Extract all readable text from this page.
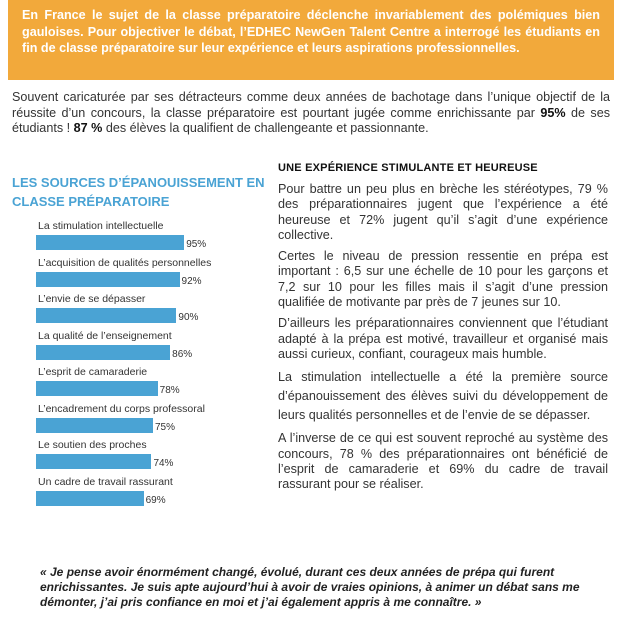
En France le sujet de la classe préparatoire déclenche invariablement des polémiques bien gauloises. Pour objectiver le débat, l’EDHEC NewGen Talent Centre a interrogé les étudiants en fin de classe préparatoire sur leur expérience et leurs aspirations professionnelles.
Souvent caricaturée par ses détracteurs comme deux années de bachotage dans l’unique objectif de la réussite d’un concours, la classe préparatoire est pourtant jugée comme enrichissante par 95% de ses étudiants ! 87 % des élèves la qualifient de challengeante et passionnante.
LES SOURCES D’ÉPANOUISSEMENT EN CLASSE PRÉPARATOIRE
La stimulation intellectuelle
95%
L’acquisition de qualités personnelles
92%
L’envie de se dépasser
90%
La qualité de l’enseignement
86%
L’esprit de camaraderie
78%
L’encadrement du corps professoral
75%
Le soutien des proches
74%
Un cadre de travail rassurant
69%
UNE EXPÉRIENCE STIMULANTE ET HEUREUSE

Pour battre un peu plus en brèche les stéréotypes, 79 % des préparationnaires jugent que l’expérience a été heureuse et 72% jugent qu’il s’agit d’une expérience collective.

Certes le niveau de pression ressentie en prépa est important : 6,5 sur une échelle de 10 pour les garçons et 7,2 sur 10 pour les filles mais il s’agit d’une pression qualifiée de motivante par près de 7 jeunes sur 10.

D’ailleurs les préparationnaires conviennent que l’étudiant adapté à la prépa est motivé, travailleur et organisé mais aussi curieux, confiant, courageux mais humble.

La stimulation intellectuelle a été la première source d’épanouissement des élèves suivi du développement de leurs qualités personnelles et de l’envie de se dépasser.

A l’inverse de ce qui est souvent reproché au système des concours, 78 % des préparationnaires ont bénéficié de l’esprit de camaraderie et 69% du cadre de travail rassurant pour se réaliser.

« Je pense avoir énormément changé, évolué, durant ces deux années de prépa qui furent enrichissantes. Je suis apte aujourd’hui à avoir de vraies opinions, à animer un débat sans me démonter, j’ai pris confiance en moi et j’ai également appris à me connaître. »
